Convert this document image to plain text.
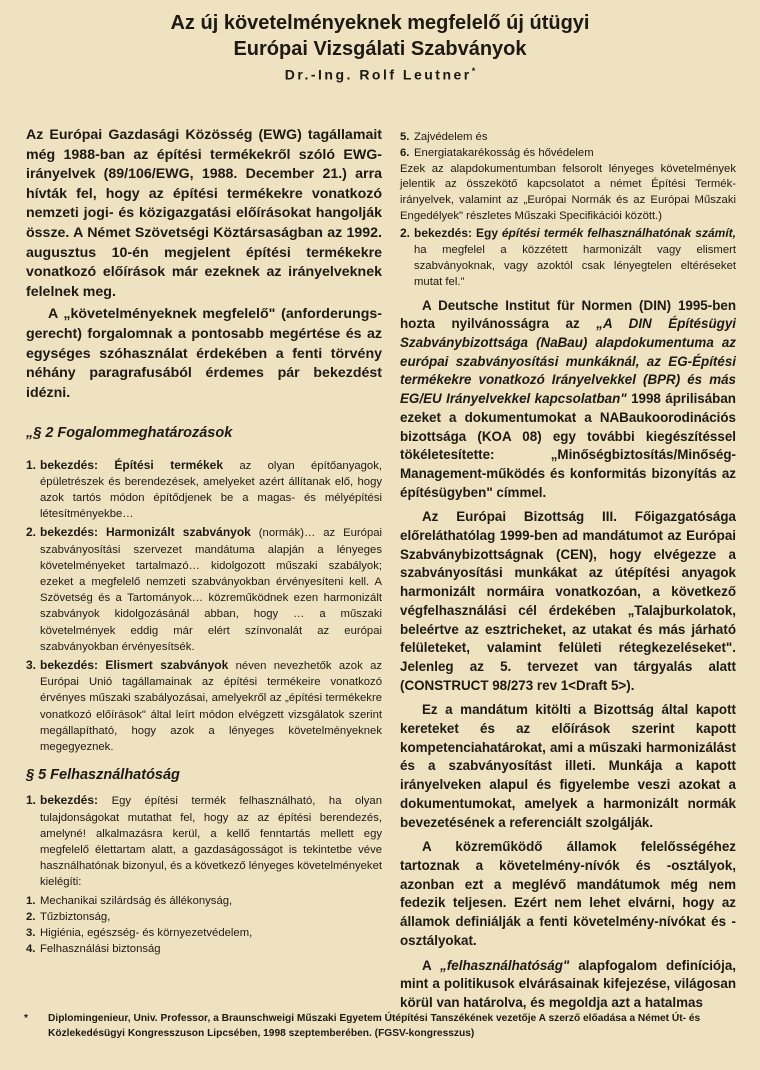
Az új követelményeknek megfelelő új útügyi
Európai Vizsgálati Szabványok
Dr.-Ing. Rolf Leutner*

Az Európai Gazdasági Közösség (EWG) tagállamait még 1988-ban az építési termékekről szóló EWG-irányelvek (89/106/EWG, 1988. December 21.) arra hívták fel, hogy az építési termékekre vonatkozó nemzeti jogi- és közigazgatási előírásokat hangolják össze. A Német Szövetségi Köztársaságban az 1992. augusztus 10-én megjelent építési termékekre vonatkozó előírások már ezeknek az irányelveknek felelnek meg.

A „követelményeknek megfelelő" (anforderungs-gerecht) forgalomnak a pontosabb megértése és az egységes szóhasználat érdekében a fenti törvény néhány paragrafusából érdemes pár bekezdést idézni.

„§ 2 Fogalommeghatározások
1. bekezdés: Építési termékek az olyan építőanyagok, épületrészek és berendezések, amelyeket azért állítanak elő, hogy azok tartós módon építődjenek be a magas- és mélyépítési létesítményekbe…
2. bekezdés: Harmonizált szabványok (normák)… az Európai szabványosítási szervezet mandátuma alapján a lényeges követelményeket tartalmazó… kidolgozott műszaki szabályok; ezeket a megfelelő nemzeti szabványokban érvényesíteni kell. A Szövetség és a Tartományok… közreműködnek ezen harmonizált szabványok kidolgozásánál abban, hogy … a műszaki követelmények eddig már elért színvonalát az európai szabványokban érvényesítsék.
3. bekezdés: Elismert szabványok néven nevezhetők azok az Európai Unió tagállamainak az építési termékeire vonatkozó érvényes műszaki szabályozásai, amelyekről az „építési termékekre vonatkozó előírások" által leírt módon elvégzett vizsgálatok szerint megállapítható, hogy azok a lényeges követelményeknek megegyeznek.
§ 5 Felhasználhatóság
1. bekezdés: Egy építési termék felhasználható, ha olyan tulajdonságokat mutathat fel, hogy az az építési berendezés, amelyné! alkalmazásra kerül, a kellő fenntartás mellett egy megfelelő élettartam alatt, a gazdaságosságot is tekintetbe véve használhatónak bizonyul, és a következő lényeges követelményeket kielégíti:
1. Mechanikai szilárdság és állékonyság,
2. Tűzbiztonság,
3. Higiénia, egészség- és környezetvédelem,
4. Felhasználási biztonság
5. Zajvédelem és
6. Energiatakarékosság és hővédelem

Ezek az alapdokumentumban felsorolt lényeges követelmények jelentik az összekötő kapcsolatot a német Építési Termék-irányelvek, valamint az „Európai Normák és az Európai Műszaki Engedélyek" részletes Műszaki Specifikációi között.)

2. bekezdés: Egy építési termék felhasználhatónak számít, ha megfelel a közzétett harmonizált vagy elismert szabványoknak, vagy azoktól csak lényegtelen eltéréseket mutat fel."

A Deutsche Institut für Normen (DIN) 1995-ben hozta nyilvánosságra az „A DIN Építésügyi Szabványbizottsága (NaBau) alapdokumentuma az európai szabványosítási munkáknál, az EG-Építési termékekre vonatkozó Irányelvekkel (BPR) és más EG/EU Irányelvekkel kapcsolatban" 1998 áprilisában ezeket a dokumentumokat a NABaukoorodinációs bizottsága (KOA 08) egy további kiegészítéssel tökéletesítette: „Minőségbiztosítás/Minőség-Management-működés és konformitás bizonyítás az építésügyben" címmel.

Az Európai Bizottság III. Főigazgatósága előreláthatólag 1999-ben ad mandátumot az Európai Szabványbizottságnak (CEN), hogy elvégezze a szabványosítási munkákat az útépítési anyagok harmonizált normáira vonatkozóan, a következő végfelhasználási cél érdekében „Talajburkolatok, beleértve az esztricheket, az utakat és más járható felületeket, valamint felületi rétegkezeléseket". Jelenleg az 5. tervezet van tárgyalás alatt (CONSTRUCT 98/273 rev 1<Draft 5>).

Ez a mandátum kitölti a Bizottság által kapott kereteket és az előírások szerint kapott kompetenciahatárokat, ami a műszaki harmonizálást és a szabványosítást illeti. Munkája a kapott irányelveken alapul és figyelembe veszi azokat a dokumentumokat, amelyek a harmonizált normák bevezetésének a referenciált szolgálják.

A közreműködő államok felelősségéhez tartoznak a követelmény-nívók és -osztályok, azonban ezt a meglévő mandátumok még nem fedezik teljesen. Ezért nem lehet elvárni, hogy az államok definiálják a fenti követelmény-nívókat és -osztályokat.

A „felhasználhatóság" alapfogalom definíciója, mint a politikusok elvárásainak kifejezése, világosan körül van határolva, és megoldja azt a hatalmas

*	Diplomingenieur, Univ. Professor, a Braunschweigi Műszaki Egyetem Útépítési Tanszékének vezetője A szerző előadása a Német Út- és Közlekedésügyi Kongresszuson Lipcsében, 1998 szeptemberében. (FGSV-kongresszus)
